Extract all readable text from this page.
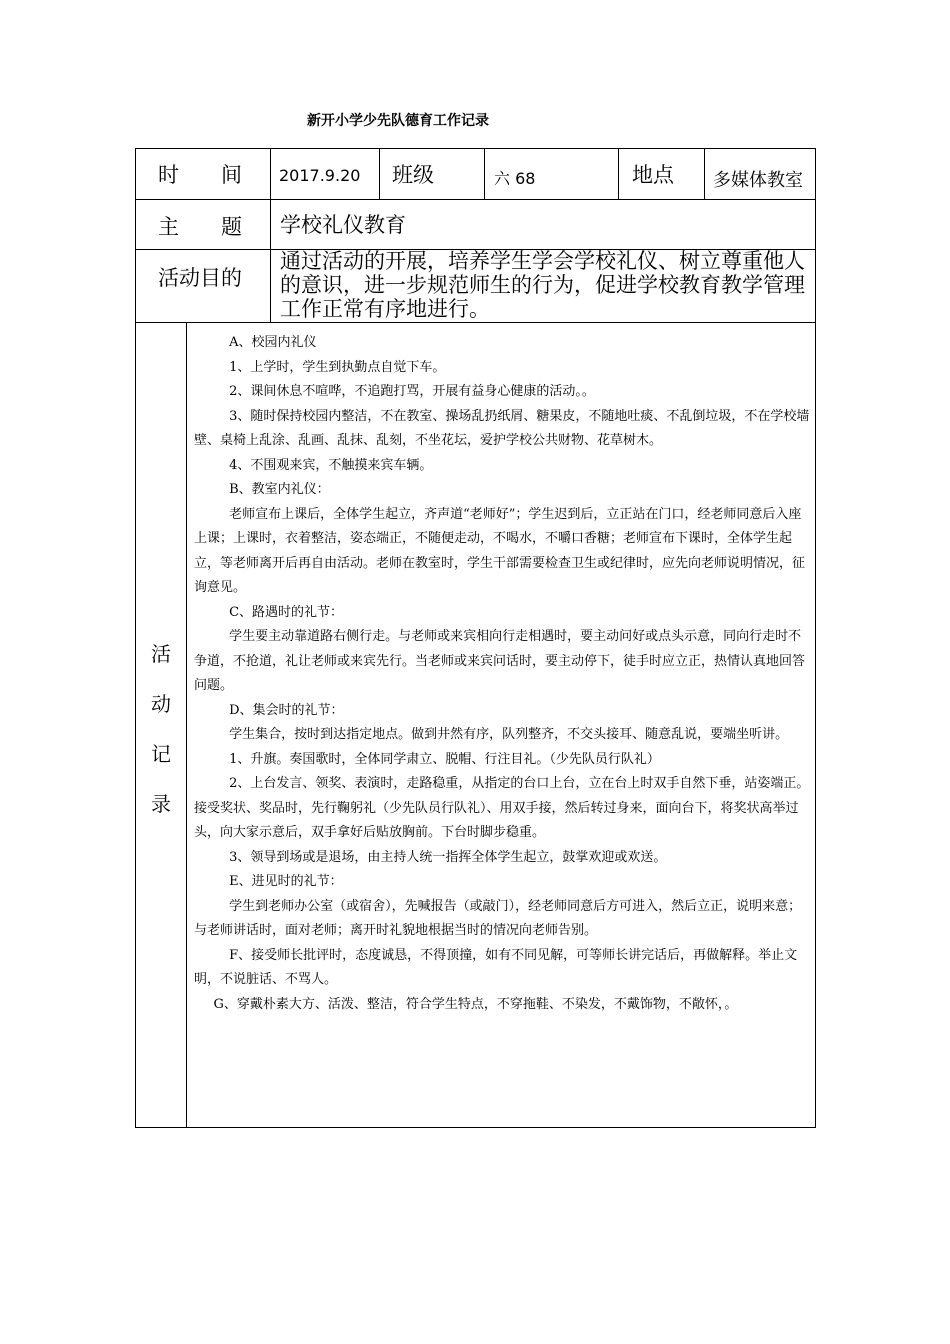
新开小学少先队德育工作记录
时　　间 2017.9.20 班级	六 68	地点 多媒体教室
主　　题 学校礼仪教育
活动目的
通过活动的开展，培养学生学会学校礼仪、树立尊重他人的意识，进一步规范师生的行为，促进学校教育教学管理工作正常有序地进行。
活
动
记
录

A、校园内礼仪

1、上学时，学生到执勤点自觉下车。

2、课间休息不喧哗，不追跑打骂，开展有益身心健康的活动。。

3、随时保持校园内整洁，不在教室、操场乱扔纸屑、糖果皮，不随地吐痰、不乱倒垃圾，不在学校墙壁、桌椅上乱涂、乱画、乱抹、乱刻，不坐花坛，爱护学校公共财物、花草树木。

4、不围观来宾，不触摸来宾车辆。

B、教室内礼仪：

老师宣布上课后，全体学生起立，齐声道“老师好”；学生迟到后，立正站在门口，经老师同意后入座上课；上课时，衣着整洁，姿态端正，不随便走动，不喝水，不嚼口香糖；老师宣布下课时，全体学生起立，等老师离开后再自由活动。老师在教室时，学生干部需要检查卫生或纪律时，应先向老师说明情况，征询意见。

C、路遇时的礼节：

学生要主动靠道路右侧行走。与老师或来宾相向行走相遇时，要主动问好或点头示意，同向行走时不争道，不抢道，礼让老师或来宾先行。当老师或来宾问话时，要主动停下，徒手时应立正，热情认真地回答问题。

D、集会时的礼节：

学生集合，按时到达指定地点。做到井然有序，队列整齐，不交头接耳、随意乱说，要端坐听讲。

1、升旗。奏国歌时，全体同学肃立、脱帽、行注目礼。（少先队员行队礼）

2、上台发言、领奖、表演时，走路稳重，从指定的台口上台，立在台上时双手自然下垂，站姿端正。接受奖状、奖品时，先行鞠躬礼（少先队员行队礼）、用双手接，然后转过身来，面向台下，将奖状高举过头，向大家示意后，双手拿好后贴放胸前。下台时脚步稳重。

3、领导到场或是退场，由主持人统一指挥全体学生起立，鼓掌欢迎或欢送。

E、进见时的礼节：

学生到老师办公室（或宿舍），先喊报告（或敲门），经老师同意后方可进入，然后立正，说明来意；与老师讲话时，面对老师；离开时礼貌地根据当时的情况向老师告别。

F、接受师长批评时，态度诚恳，不得顶撞，如有不同见解，可等师长讲完话后，再做解释。举止文明，不说脏话、不骂人。

G、穿戴朴素大方、活泼、整洁，符合学生特点，不穿拖鞋、不染发，不戴饰物，不敞怀，。
